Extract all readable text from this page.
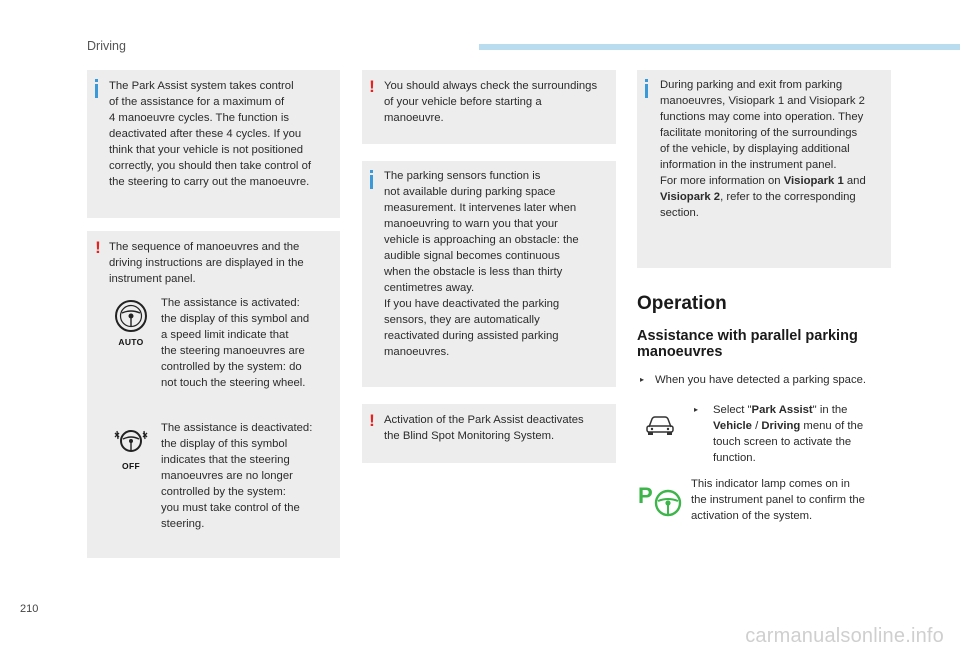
Driving

The Park Assist system takes control

of the assistance for a maximum of

4 manoeuvre cycles. The function is

deactivated after these 4 cycles. If you

think that your vehicle is not positioned

correctly, you should then take control of

the steering to carry out the manoeuvre.

! The sequence of manoeuvres and the

driving instructions are displayed in the

instrument panel.

AUTO

The assistance is activated:

the display of this symbol and

a speed limit indicate that

the steering manoeuvres are

controlled by the system: do

not touch the steering wheel.

OFF

The assistance is deactivated:

the display of this symbol

indicates that the steering

manoeuvres are no longer

controlled by the system:

you must take control of the

steering.

! You should always check the surroundings

of your vehicle before starting a

manoeuvre.

The parking sensors function is

not available during parking space

measurement. It intervenes later when

manoeuvring to warn you that your

vehicle is approaching an obstacle: the

audible signal becomes continuous

when the obstacle is less than thirty

centimetres away.

If you have deactivated the parking

sensors, they are automatically

reactivated during assisted parking

manoeuvres.

! Activation of the Park Assist deactivates

the Blind Spot Monitoring System.

During parking and exit from parking

manoeuvres, Visiopark 1 and Visiopark 2

functions may come into operation. They

facilitate monitoring of the surroundings

of the vehicle, by displaying additional

information in the instrument panel.

For more information on Visiopark 1 and

Visiopark 2, refer to the corresponding

section.

Operation
Assistance with parallel parking manoeuvres
▸ When you have detected a parking space.
▸ Select "Park Assist" in the
Vehicle / Driving menu of the
touch screen to activate the
function.
P	This indicator lamp comes on in
the instrument panel to confirm the
activation of the system.
210
carmanualsonline.info
